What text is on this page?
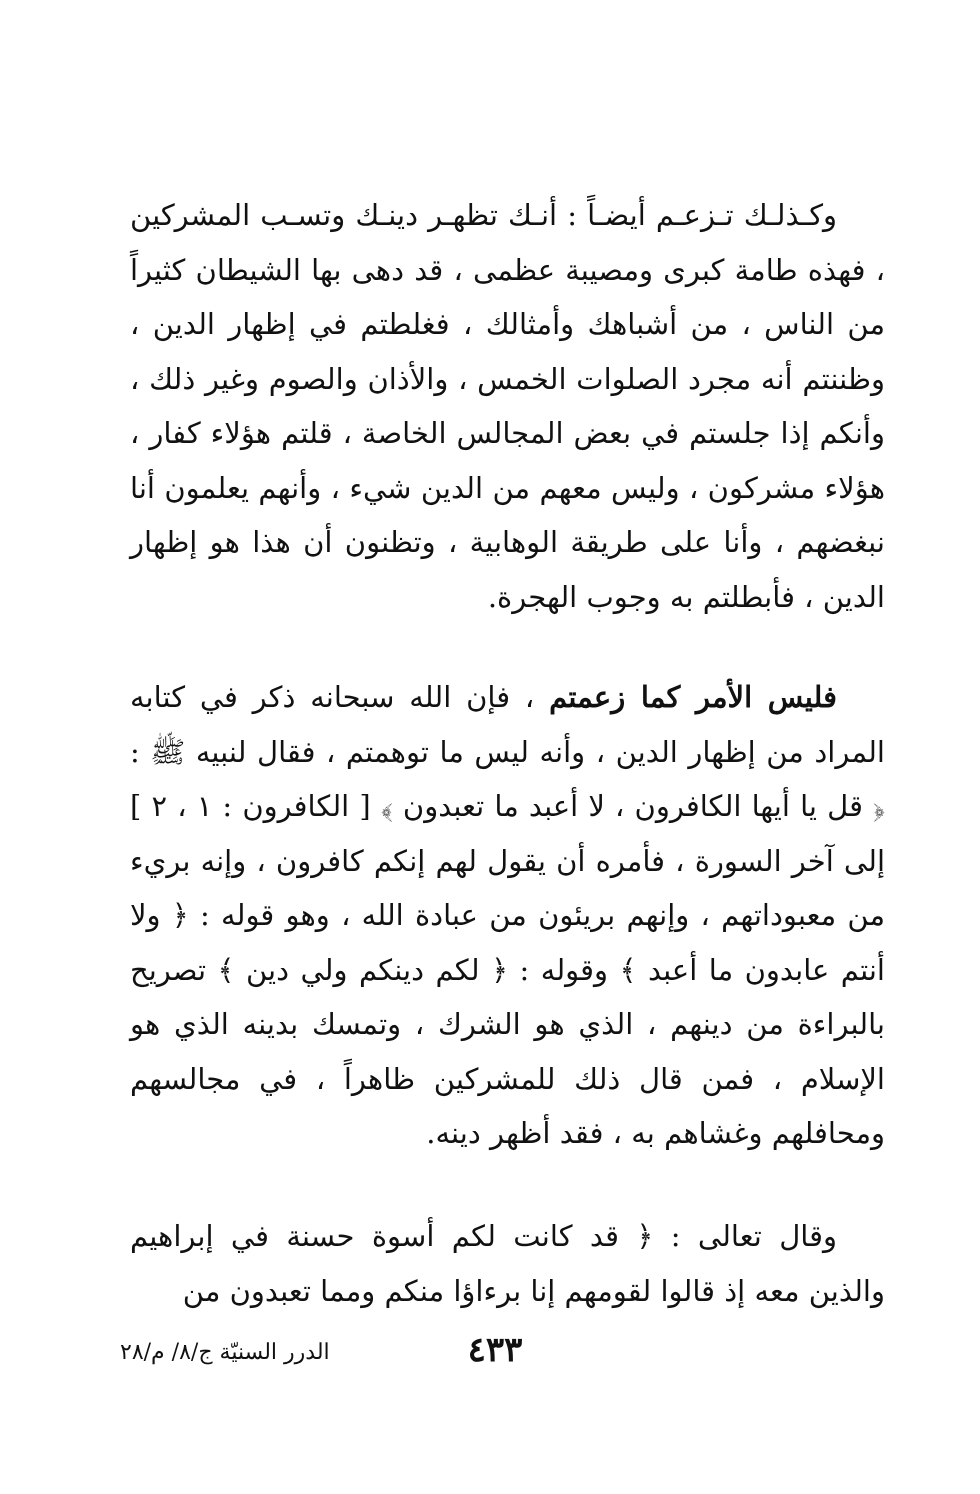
وكـذلـك تـزعـم أيضـاً : أنـك تظهـر دينـك وتسـب المشركين ، فهذه طامة كبرى ومصيبة عظمى ، قد دهى بها الشيطان كثيراً من الناس ، من أشباهك وأمثالك ، فغلطتم في إظهار الدين ، وظننتم أنه مجرد الصلوات الخمس ، والأذان والصوم وغير ذلك ، وأنكم إذا جلستم في بعض المجالس الخاصة ، قلتم هؤلاء كفار ، هؤلاء مشركون ، وليس معهم من الدين شيء ، وأنهم يعلمون أنا نبغضهم ، وأنا على طريقة الوهابية ، وتظنون أن هذا هو إظهار الدين ، فأبطلتم به وجوب الهجرة.

فليس الأمر كما زعمتم ، فإن الله سبحانه ذكر في كتابه المراد من إظهار الدين ، وأنه ليس ما توهمتم ، فقال لنبيه ﷺ : ﴿ قل يا أيها الكافرون ، لا أعبد ما تعبدون ﴾ [ الكافرون : ١ ، ٢ ] إلى آخر السورة ، فأمره أن يقول لهم إنكم كافرون ، وإنه بريء من معبوداتهم ، وإنهم بريئون من عبادة الله ، وهو قوله : ﴿ ولا أنتم عابدون ما أعبد ﴾ وقوله : ﴿ لكم دينكم ولي دين ﴾ تصريح بالبراءة من دينهم ، الذي هو الشرك ، وتمسك بدينه الذي هو الإسلام ، فمن قال ذلك للمشركين ظاهراً ، في مجالسهم ومحافلهم وغشاهم به ، فقد أظهر دينه.

وقال تعالى : ﴿ قد كانت لكم أسوة حسنة في إبراهيم والذين معه إذ قالوا لقومهم إنا برءاؤا منكم ومما تعبدون من

٤٣٣
الدرر السنيّة ج/٨/ م/٢٨
